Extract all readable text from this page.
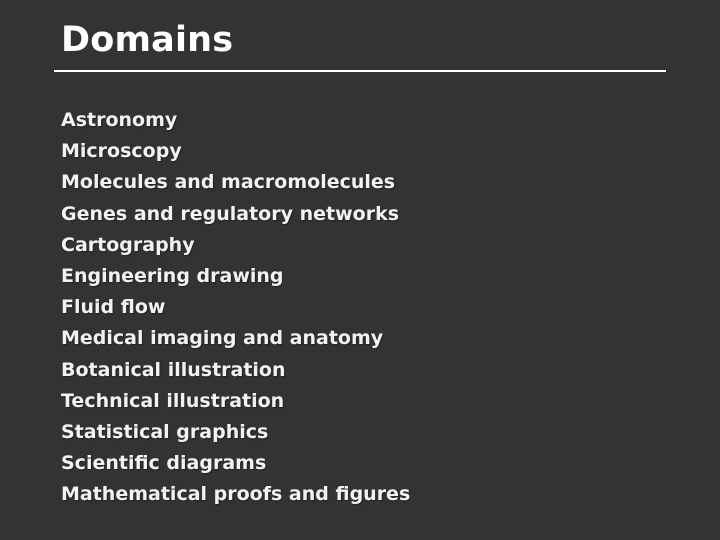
Domains
Astronomy
Microscopy
Molecules and macromolecules
Genes and regulatory networks
Cartography
Engineering drawing
Fluid flow
Medical imaging and anatomy
Botanical illustration
Technical illustration
Statistical graphics
Scientific diagrams
Mathematical proofs and figures
